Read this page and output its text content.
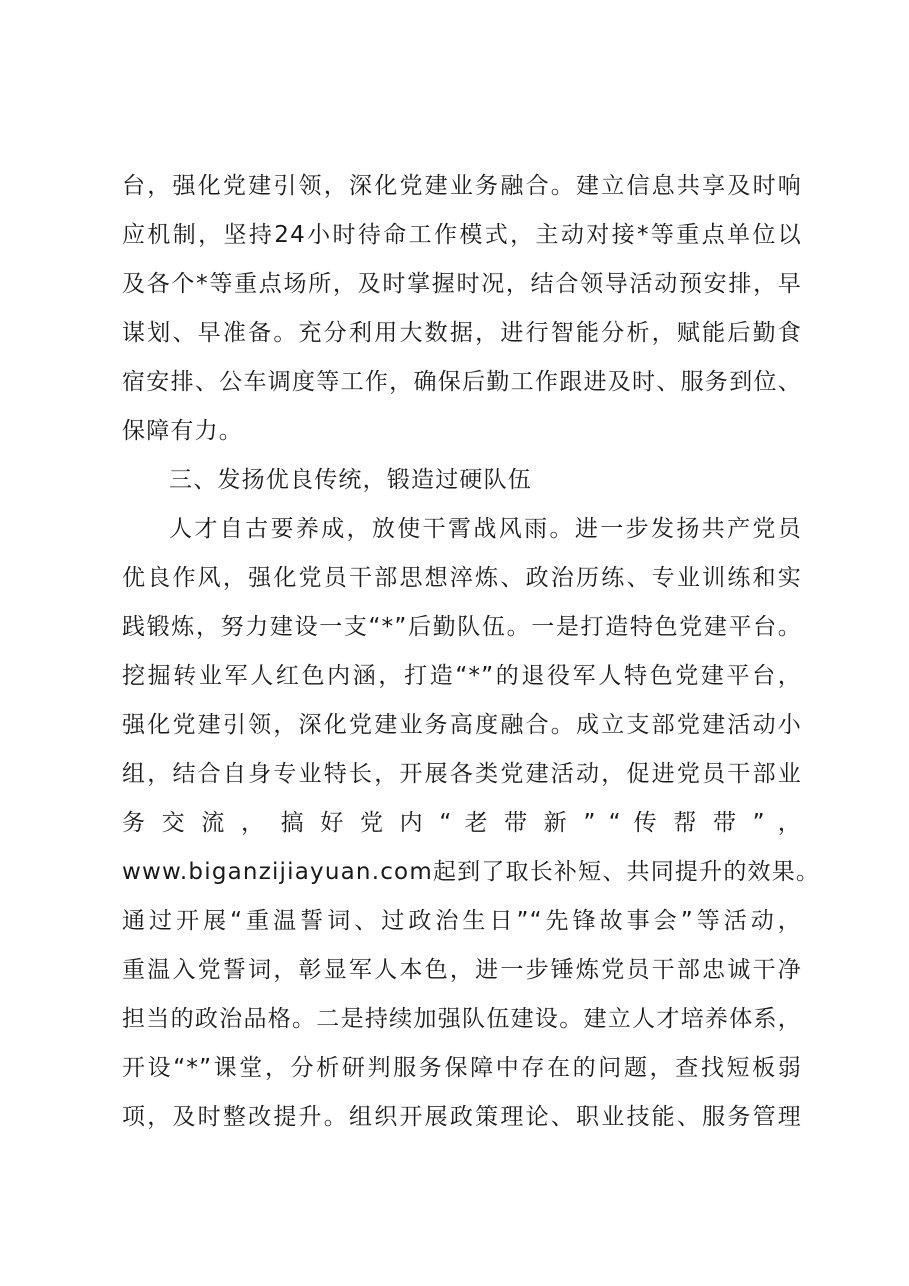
台，强化党建引领，深化党建业务融合。建立信息共享及时响
应机制，坚持24小时待命工作模式，主动对接*等重点单位以
及各个*等重点场所，及时掌握时况，结合领导活动预安排，早
谋划、早准备。充分利用大数据，进行智能分析，赋能后勤食
宿安排、公车调度等工作，确保后勤工作跟进及时、服务到位、
保障有力。
三、发扬优良传统，锻造过硬队伍
人才自古要养成，放使干霄战风雨。进一步发扬共产党员
优良作风，强化党员干部思想淬炼、政治历练、专业训练和实
践锻炼，努力建设一支“*”后勤队伍。一是打造特色党建平台。
挖掘转业军人红色内涵，打造“*”的退役军人特色党建平台，
强化党建引领，深化党建业务高度融合。成立支部党建活动小
组，结合自身专业特长，开展各类党建活动，促进党员干部业
务 交 流 ， 搞 好 党 内 “ 老 带 新 ” “ 传 帮 带 ” ，
www.biganzijiayuan.com起到了取长补短、共同提升的效果。
通过开展“重温誓词、过政治生日”“先锋故事会”等活动，
重温入党誓词，彰显军人本色，进一步锤炼党员干部忠诚干净
担当的政治品格。二是持续加强队伍建设。建立人才培养体系，
开设“*”课堂，分析研判服务保障中存在的问题，查找短板弱
项，及时整改提升。组织开展政策理论、职业技能、服务管理
